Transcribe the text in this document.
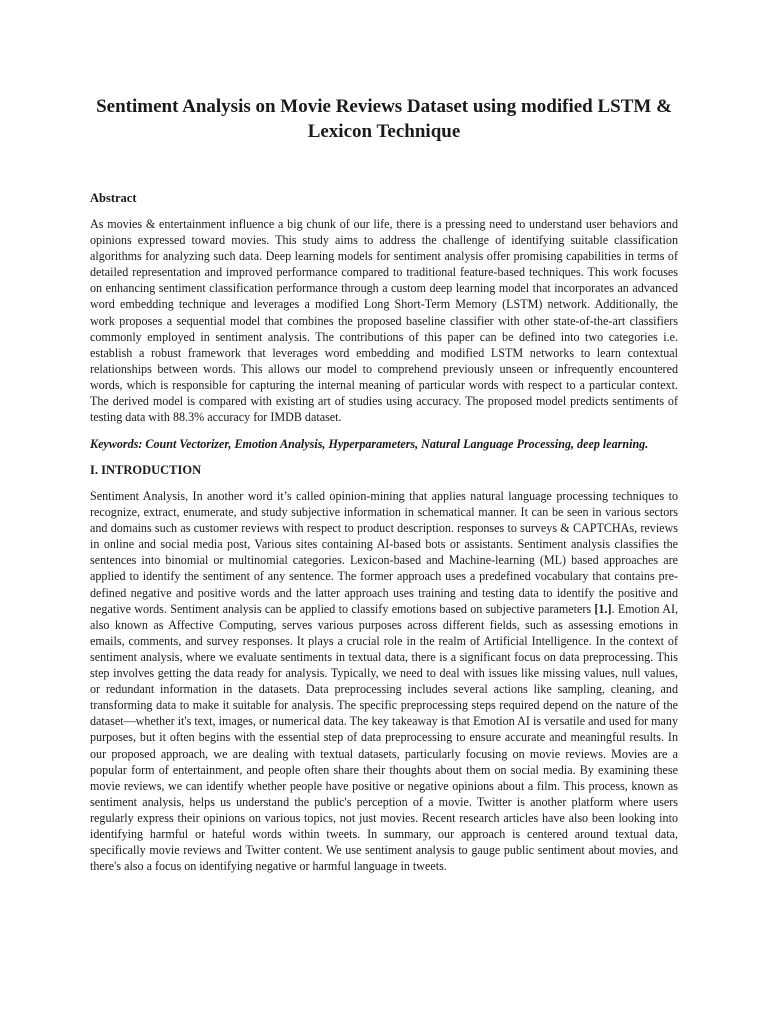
Sentiment Analysis on Movie Reviews Dataset using modified LSTM & Lexicon Technique
Abstract

As movies & entertainment influence a big chunk of our life, there is a pressing need to understand user behaviors and opinions expressed toward movies. This study aims to address the challenge of identifying suitable classification algorithms for analyzing such data. Deep learning models for sentiment analysis offer promising capabilities in terms of detailed representation and improved performance compared to traditional feature-based techniques. This work focuses on enhancing sentiment classification performance through a custom deep learning model that incorporates an advanced word embedding technique and leverages a modified Long Short-Term Memory (LSTM) network. Additionally, the work proposes a sequential model that combines the proposed baseline classifier with other state-of-the-art classifiers commonly employed in sentiment analysis. The contributions of this paper can be defined into two categories i.e. establish a robust framework that leverages word embedding and modified LSTM networks to learn contextual relationships between words. This allows our model to comprehend previously unseen or infrequently encountered words, which is responsible for capturing the internal meaning of particular words with respect to a particular context. The derived model is compared with existing art of studies using accuracy. The proposed model predicts sentiments of testing data with 88.3% accuracy for IMDB dataset.

Keywords: Count Vectorizer, Emotion Analysis, Hyperparameters, Natural Language Processing, deep learning.

I. INTRODUCTION

Sentiment Analysis, In another word it’s called opinion-mining that applies natural language processing techniques to recognize, extract, enumerate, and study subjective information in schematical manner. It can be seen in various sectors and domains such as customer reviews with respect to product description. responses to surveys & CAPTCHAs, reviews in online and social media post, Various sites containing AI-based bots or assistants. Sentiment analysis classifies the sentences into binomial or multinomial categories. Lexicon-based and Machine-learning (ML) based approaches are applied to identify the sentiment of any sentence. The former approach uses a predefined vocabulary that contains pre-defined negative and positive words and the latter approach uses training and testing data to identify the positive and negative words. Sentiment analysis can be applied to classify emotions based on subjective parameters [1.]. Emotion AI, also known as Affective Computing, serves various purposes across different fields, such as assessing emotions in emails, comments, and survey responses. It plays a crucial role in the realm of Artificial Intelligence. In the context of sentiment analysis, where we evaluate sentiments in textual data, there is a significant focus on data preprocessing. This step involves getting the data ready for analysis. Typically, we need to deal with issues like missing values, null values, or redundant information in the datasets. Data preprocessing includes several actions like sampling, cleaning, and transforming data to make it suitable for analysis. The specific preprocessing steps required depend on the nature of the dataset—whether it's text, images, or numerical data. The key takeaway is that Emotion AI is versatile and used for many purposes, but it often begins with the essential step of data preprocessing to ensure accurate and meaningful results. In our proposed approach, we are dealing with textual datasets, particularly focusing on movie reviews. Movies are a popular form of entertainment, and people often share their thoughts about them on social media. By examining these movie reviews, we can identify whether people have positive or negative opinions about a film. This process, known as sentiment analysis, helps us understand the public's perception of a movie. Twitter is another platform where users regularly express their opinions on various topics, not just movies. Recent research articles have also been looking into identifying harmful or hateful words within tweets. In summary, our approach is centered around textual data, specifically movie reviews and Twitter content. We use sentiment analysis to gauge public sentiment about movies, and there's also a focus on identifying negative or harmful language in tweets.
